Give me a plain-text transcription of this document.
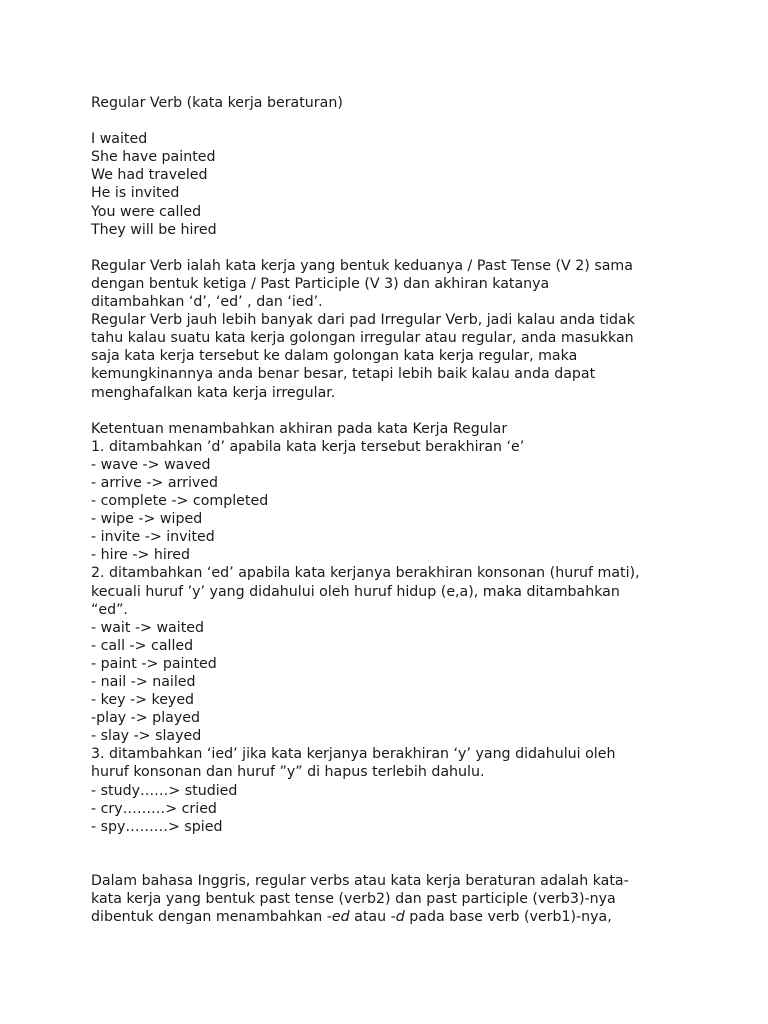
Regular Verb (kata kerja beraturan)
I waited
She have painted
We had traveled
He is invited
You were called
They will be hired
Regular Verb ialah kata kerja yang bentuk keduanya / Past Tense (V 2) sama
dengan bentuk ketiga / Past Participle (V 3) dan akhiran katanya
ditambahkan ‘d’, ‘ed’ , dan ‘ied’.
Regular Verb jauh lebih banyak dari pad Irregular Verb, jadi kalau anda tidak
tahu kalau suatu kata kerja golongan irregular atau regular, anda masukkan
saja kata kerja tersebut ke dalam golongan kata kerja regular, maka
kemungkinannya anda benar besar, tetapi lebih baik kalau anda dapat
menghafalkan kata kerja irregular.
Ketentuan menambahkan akhiran pada kata Kerja Regular
1. ditambahkan ’d’ apabila kata kerja tersebut berakhiran ‘e’
- wave -> waved
- arrive -> arrived
- complete -> completed
- wipe -> wiped
- invite -> invited
- hire -> hired
2. ditambahkan ‘ed’ apabila kata kerjanya berakhiran konsonan (huruf mati),
kecuali huruf ’y’ yang didahului oleh huruf hidup (e,a), maka ditambahkan
“ed”.
- wait -> waited
- call -> called
- paint -> painted
- nail -> nailed
- key -> keyed
-play -> played
- slay -> slayed
3. ditambahkan ‘ied’ jika kata kerjanya berakhiran ‘y’ yang didahului oleh
huruf konsonan dan huruf ”y” di hapus terlebih dahulu.
- study……> studied
- cry………> cried
- spy………> spied
Dalam bahasa Inggris, regular verbs atau kata kerja beraturan adalah kata-
kata kerja yang bentuk past tense (verb2) dan past participle (verb3)-nya
dibentuk dengan menambahkan -ed atau -d pada base verb (verb1)-nya,
